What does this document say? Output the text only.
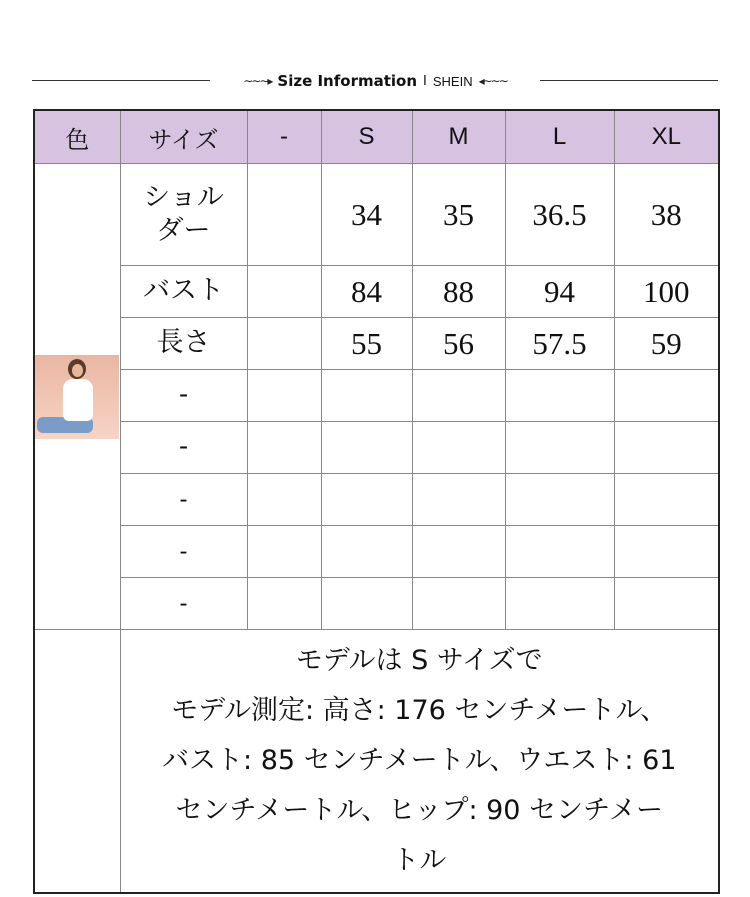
∼∼∼▸ Size Information I SHEIN ◂∼∼∼
色	サイズ	-	S	M	L	XL

	ショルダー		34	35	36.5	38
	バスト		84	88	94	100
	長さ		55	56	57.5	59
	-					
	-					
	-					
	-					
	-					

	モデルは S サイズで
モデル測定: 高さ: 176 センチメートル、
バスト: 85 センチメートル、ウエスト: 61
センチメートル、ヒップ: 90 センチメー
トル					
